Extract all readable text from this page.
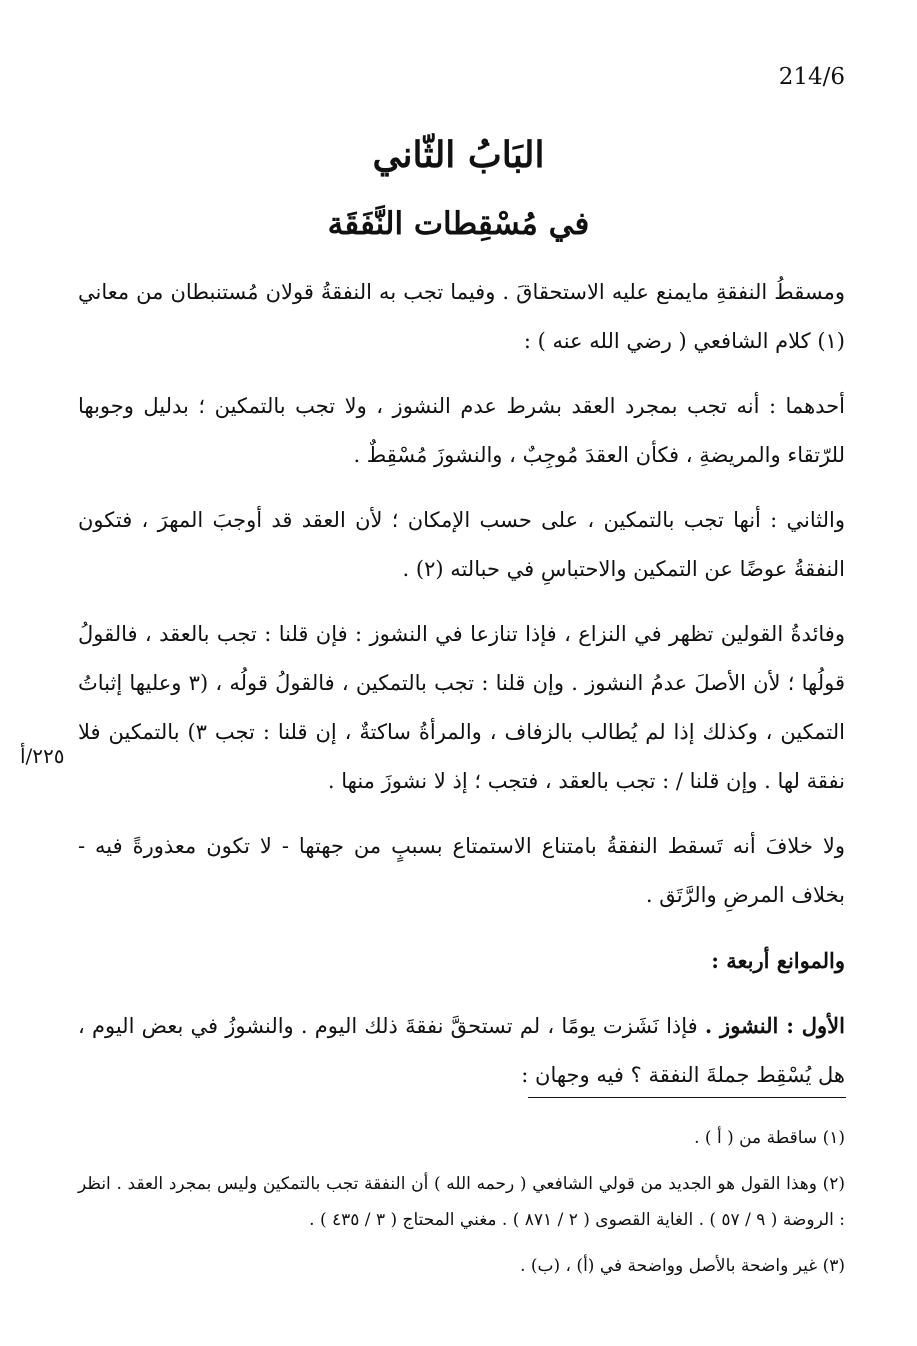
214/6
٢٢٥/أ
البَابُ الثّاني
في مُسْقِطات النَّفَقَة

ومسقطُ النفقةِ مايمنع عليه الاستحقاقَ . وفيما تجب به النفقةُ قولان مُستنبطان من معاني (١) كلام الشافعي ( رضي الله عنه ) :

أحدهما : أنه تجب بمجرد العقد بشرط عدم النشوز ، ولا تجب بالتمكين ؛ بدليل وجوبها للرّتقاء والمريضةِ ، فكأن العقدَ مُوجِبٌ ، والنشوزَ مُسْقِطٌ .

والثاني : أنها تجب بالتمكين ، على حسب الإمكان ؛ لأن العقد قد أوجبَ المهرَ ، فتكون النفقةُ عوضًا عن التمكين والاحتباسِ في حبالته (٢) .

وفائدةُ القولين تظهر في النزاع ، فإذا تنازعا في النشوز : فإن قلنا : تجب بالعقد ، فالقولُ قولُها ؛ لأن الأصلَ عدمُ النشوز . وإن قلنا : تجب بالتمكين ، فالقولُ قولُه ، (٣ وعليها إثباتُ التمكين ، وكذلك إذا لم يُطالب بالزفاف ، والمرأةُ ساكتةٌ ، إن قلنا : تجب ٣) بالتمكين فلا نفقة لها . وإن قلنا / : تجب بالعقد ، فتجب ؛ إذ لا نشوزَ منها .

ولا خلافَ أنه تَسقط النفقةُ بامتناع الاستمتاع بسببٍ من جهتها - لا تكون معذورةً فيه - بخلاف المرضِ والرَّتَق .

والموانع أربعة :

الأول : النشوز . فإذا نَشَزت يومًا ، لم تستحقَّ نفقةَ ذلك اليوم . والنشوزُ في بعض اليوم ، هل يُسْقِط جملةَ النفقة ؟ فيه وجهان :

(١) ساقطة من ( أ ) .

(٢) وهذا القول هو الجديد من قولي الشافعي ( رحمه الله ) أن النفقة تجب بالتمكين وليس بمجرد العقد . انظر : الروضة ( ٩ / ٥٧ ) . الغاية القصوى ( ٢ / ٨٧١ ) . مغني المحتاج ( ٣ / ٤٣٥ ) .

(٣) غير واضحة بالأصل وواضحة في (أ) ، (ب) .
